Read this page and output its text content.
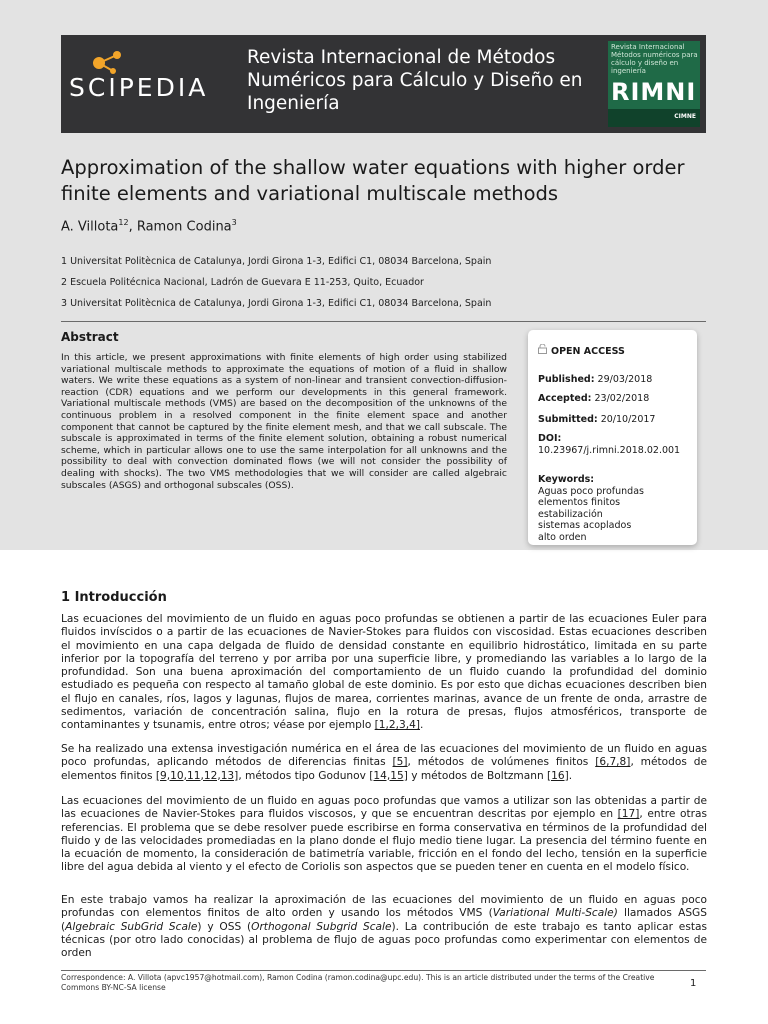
SCIPEDIA
Revista Internacional de Métodos Numéricos para Cálculo y Diseño en Ingeniería
Revista Internacional Métodos numéricos para cálculo y diseño en ingeniería
RIMNI
CIMNE
Approximation of the shallow water equations with higher order finite elements and variational multiscale methods
A. Villota$^{12}$, Ramon Codina$^3$
1 Universitat Politècnica de Catalunya, Jordi Girona 1-3, Edifici C1, 08034 Barcelona, Spain
2 Escuela Politécnica Nacional, Ladrón de Guevara E 11-253, Quito, Ecuador
3 Universitat Politècnica de Catalunya, Jordi Girona 1-3, Edifici C1, 08034 Barcelona, Spain
Abstract
In this article, we present approximations with finite elements of high order using stabilized variational multiscale methods to approximate the equations of motion of a fluid in shallow waters. We write these equations as a system of non-linear and transient convection-diffusion-reaction (CDR) equations and we perform our developments in this general framework. Variational multiscale methods (VMS) are based on the decomposition of the unknowns of the continuous problem in a resolved component in the finite element space and another component that cannot be captured by the finite element mesh, and that we call subscale. The subscale is approximated in terms of the finite element solution, obtaining a robust numerical scheme, which in particular allows one to use the same interpolation for all unknowns and the possibility to deal with convection dominated flows (we will not consider the possibility of dealing with shocks). The two VMS methodologies that we will consider are called algebraic subscales (ASGS) and orthogonal subscales (OSS).
OPEN ACCESS
Published: 29/03/2018
Accepted: 23/02/2018
Submitted: 20/10/2017
DOI:
10.23967/j.rimni.2018.02.001
Keywords:
Aguas poco profundas
elementos finitos
estabilización
sistemas acoplados
alto orden
1 Introducción
Las ecuaciones del movimiento de un fluido en aguas poco profundas se obtienen a partir de las ecuaciones Euler para fluidos invíscidos o a partir de las ecuaciones de Navier-Stokes para fluidos con viscosidad. Estas ecuaciones describen el movimiento en una capa delgada de fluido de densidad constante en equilibrio hidrostático, limitada en su parte inferior por la topografía del terreno y por arriba por una superficie libre, y promediando las variables a lo largo de la profundidad. Son una buena aproximación del comportamiento de un fluido cuando la profundidad del dominio estudiado es pequeña con respecto al tamaño global de este dominio. Es por esto que dichas ecuaciones describen bien el flujo en canales, ríos, lagos y lagunas, flujos de marea, corrientes marinas, avance de un frente de onda, arrastre de sedimentos, variación de concentración salina, flujo en la rotura de presas, flujos atmosféricos, transporte de contaminantes y tsunamis, entre otros; véase por ejemplo [1,2,3,4].
Se ha realizado una extensa investigación numérica en el área de las ecuaciones del movimiento de un fluido en aguas poco profundas, aplicando métodos de diferencias finitas [5], métodos de volúmenes finitos [6,7,8], métodos de elementos finitos [9,10,11,12,13], métodos tipo Godunov [14,15] y métodos de Boltzmann [16].
Las ecuaciones del movimiento de un fluido en aguas poco profundas que vamos a utilizar son las obtenidas a partir de las ecuaciones de Navier-Stokes para fluidos viscosos, y que se encuentran descritas por ejemplo en [17], entre otras referencias. El problema que se debe resolver puede escribirse en forma conservativa en términos de la profundidad del fluido y de las velocidades promediadas en la plano donde el flujo medio tiene lugar. La presencia del término fuente en la ecuación de momento, la consideración de batimetría variable, fricción en el fondo del lecho, tensión en la superficie libre del agua debida al viento y el efecto de Coriolis son aspectos que se pueden tener en cuenta en el modelo físico.
En este trabajo vamos ha realizar la aproximación de las ecuaciones del movimiento de un fluido en aguas poco profundas con elementos finitos de alto orden y usando los métodos VMS (Variational Multi-Scale) llamados ASGS (Algebraic SubGrid Scale) y OSS (Orthogonal Subgrid Scale). La contribución de este trabajo es tanto aplicar estas técnicas (por otro lado conocidas) al problema de flujo de aguas poco profundas como experimentar con elementos de orden
Correspondence: A. Villota (apvc1957@hotmail.com), Ramon Codina (ramon.codina@upc.edu). This is an article distributed under the terms of the Creative Commons BY-NC-SA license	1
